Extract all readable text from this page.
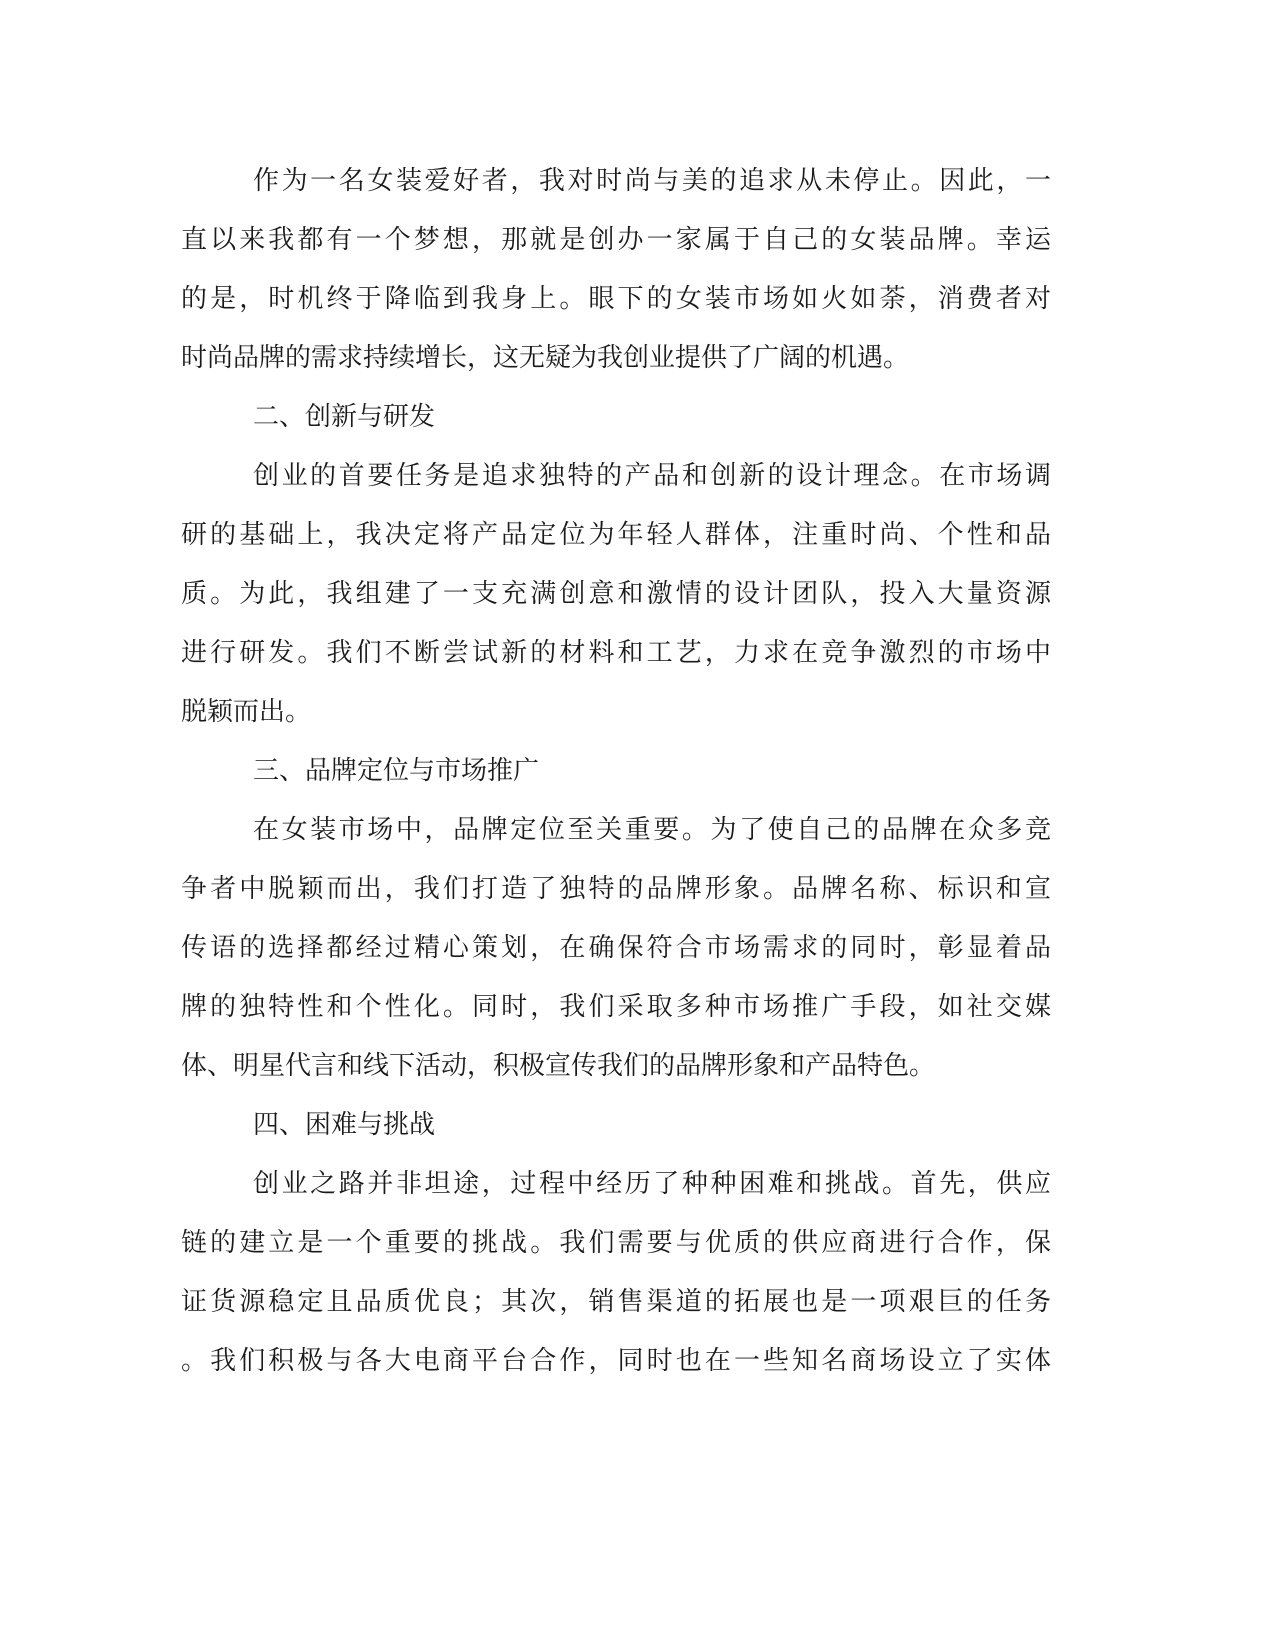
作为一名女装爱好者，我对时尚与美的追求从未停止。因此，一
直以来我都有一个梦想，那就是创办一家属于自己的女装品牌。幸运
的是，时机终于降临到我身上。眼下的女装市场如火如荼，消费者对
时尚品牌的需求持续增长，这无疑为我创业提供了广阔的机遇。
二、创新与研发
创业的首要任务是追求独特的产品和创新的设计理念。在市场调
研的基础上，我决定将产品定位为年轻人群体，注重时尚、个性和品
质。为此，我组建了一支充满创意和激情的设计团队，投入大量资源
进行研发。我们不断尝试新的材料和工艺，力求在竞争激烈的市场中
脱颖而出。
三、品牌定位与市场推广
在女装市场中，品牌定位至关重要。为了使自己的品牌在众多竞
争者中脱颖而出，我们打造了独特的品牌形象。品牌名称、标识和宣
传语的选择都经过精心策划，在确保符合市场需求的同时，彰显着品
牌的独特性和个性化。同时，我们采取多种市场推广手段，如社交媒
体、明星代言和线下活动，积极宣传我们的品牌形象和产品特色。
四、困难与挑战
创业之路并非坦途，过程中经历了种种困难和挑战。首先，供应
链的建立是一个重要的挑战。我们需要与优质的供应商进行合作，保
证货源稳定且品质优良；其次，销售渠道的拓展也是一项艰巨的任务
。我们积极与各大电商平台合作，同时也在一些知名商场设立了实体
